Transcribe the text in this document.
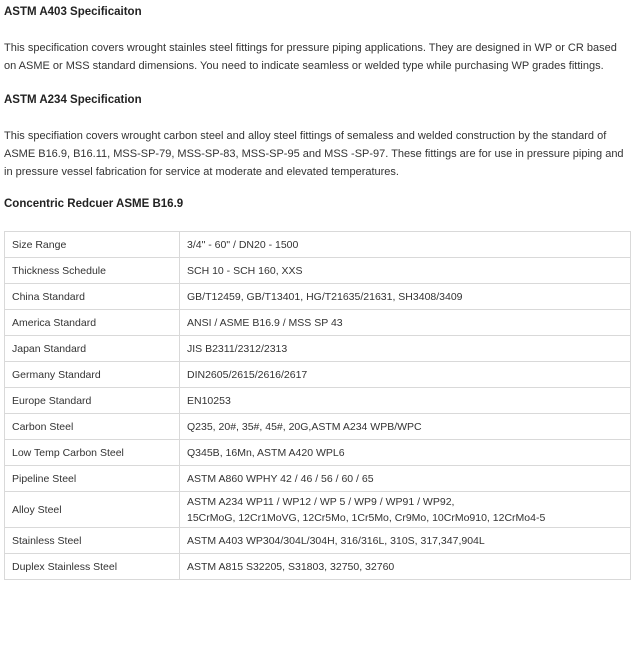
ASTM A403 Specificaiton

This specification covers wrought stainles steel fittings for pressure piping applications. They are designed in WP or CR based on ASME or MSS standard dimensions. You need to indicate seamless or welded type while purchasing WP grades fittings.

ASTM A234 Specification

This specifiation covers wrought carbon steel and alloy steel fittings of semaless and welded construction by the standard of ASME B16.9, B16.11, MSS-SP-79, MSS-SP-83, MSS-SP-95 and MSS -SP-97. These fittings are for use in pressure piping and in pressure vessel fabrication for service at moderate and elevated temperatures.

Concentric Redcuer ASME B16.9
Size Range	3/4" - 60" / DN20 - 1500
Thickness Schedule	SCH 10 - SCH 160, XXS
China Standard	GB/T12459, GB/T13401, HG/T21635/21631, SH3408/3409
America Standard	ANSI / ASME B16.9 / MSS SP 43
Japan Standard	JIS B2311/2312/2313
Germany Standard	DIN2605/2615/2616/2617
Europe Standard	EN10253
Carbon Steel	Q235, 20#, 35#, 45#, 20G,ASTM A234 WPB/WPC
Low Temp Carbon Steel	Q345B, 16Mn, ASTM A420 WPL6
Pipeline Steel	ASTM A860 WPHY 42 / 46 / 56 / 60 / 65
Alloy Steel	ASTM A234 WP11 / WP12 / WP 5 / WP9 / WP91 / WP92,
15CrMoG, 12Cr1MoVG, 12Cr5Mo, 1Cr5Mo, Cr9Mo, 10CrMo910, 12CrMo4-5

Stainless Steel	ASTM A403 WP304/304L/304H, 316/316L, 310S, 317,347,904L
Duplex Stainless Steel	ASTM A815 S32205, S31803, 32750, 32760
